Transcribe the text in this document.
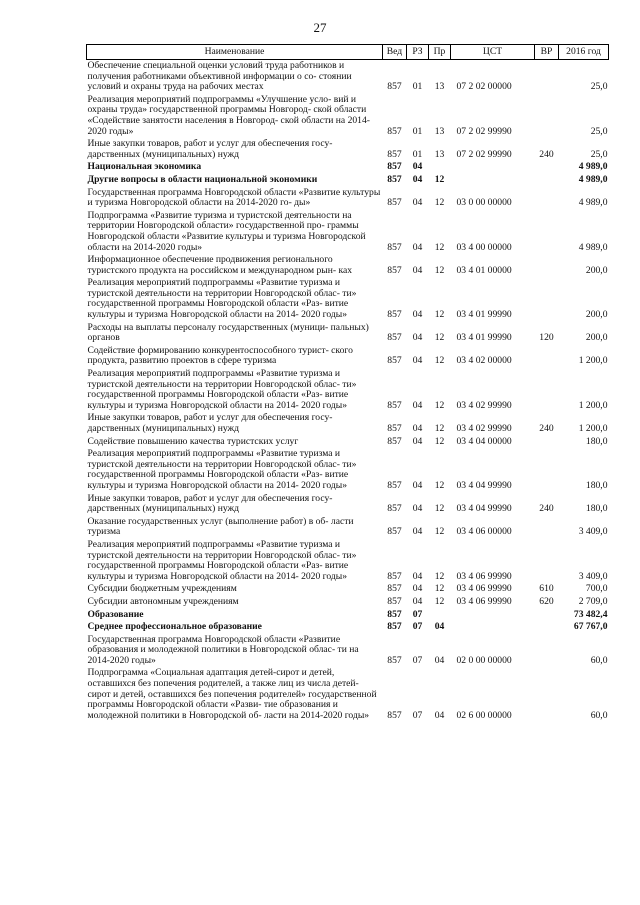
27
Наименование	Вед	РЗ	Пр	ЦСТ	ВР	2016 год
Обеспечение специальной оценки условий труда работников и получения работниками объективной информации о со- стоянии условий и охраны труда на рабочих местах	857	01	13	07 2 02 00000		25,0
Реализация мероприятий подпрограммы «Улучшение усло- вий и охраны труда» государственной программы Новгород- ской области «Содействие занятости населения в Новгород- ской области на 2014-2020 годы»	857	01	13	07 2 02 99990		25,0
Иные закупки товаров, работ и услуг для обеспечения госу- дарственных (муниципальных) нужд	857	01	13	07 2 02 99990	240	25,0
Национальная экономика	857	04				4 989,0
Другие вопросы в области национальной экономики	857	04	12			4 989,0
Государственная программа Новгородской области «Развитие культуры и туризма Новгородской области на 2014-2020 го- ды»	857	04	12	03 0 00 00000		4 989,0
Подпрограмма «Развитие туризма и туристской деятельности на территории Новгородской области» государственной про- граммы Новгородской области «Развитие культуры и туризма Новгородской области на 2014-2020 годы»	857	04	12	03 4 00 00000		4 989,0
Информационное обеспечение продвижения регионального туристского продукта на российском и международном рын- ках	857	04	12	03 4 01 00000		200,0
Реализация мероприятий подпрограммы «Развитие туризма и туристской деятельности на территории Новгородской облас- ти» государственной программы Новгородской области «Раз- витие культуры и туризма Новгородской области на 2014- 2020 годы»	857	04	12	03 4 01 99990		200,0
Расходы на выплаты персоналу государственных (муници- пальных) органов	857	04	12	03 4 01 99990	120	200,0
Содействие формированию конкурентоспособного турист- ского продукта, развитию проектов в сфере туризма	857	04	12	03 4 02 00000		1 200,0
Реализация мероприятий подпрограммы «Развитие туризма и туристской деятельности на территории Новгородской облас- ти» государственной программы Новгородской области «Раз- витие культуры и туризма Новгородской области на 2014- 2020 годы»	857	04	12	03 4 02 99990		1 200,0
Иные закупки товаров, работ и услуг для обеспечения госу- дарственных (муниципальных) нужд	857	04	12	03 4 02 99990	240	1 200,0
Содействие повышению качества туристских услуг	857	04	12	03 4 04 00000		180,0
Реализация мероприятий подпрограммы «Развитие туризма и туристской деятельности на территории Новгородской облас- ти» государственной программы Новгородской области «Раз- витие культуры и туризма Новгородской области на 2014- 2020 годы»	857	04	12	03 4 04 99990		180,0
Иные закупки товаров, работ и услуг для обеспечения госу- дарственных (муниципальных) нужд	857	04	12	03 4 04 99990	240	180,0
Оказание государственных услуг (выполнение работ) в об- ласти туризма	857	04	12	03 4 06 00000		3 409,0
Реализация мероприятий подпрограммы «Развитие туризма и туристской деятельности на территории Новгородской облас- ти» государственной программы Новгородской области «Раз- витие культуры и туризма Новгородской области на 2014- 2020 годы»	857	04	12	03 4 06 99990		3 409,0
Субсидии бюджетным учреждениям	857	04	12	03 4 06 99990	610	700,0
Субсидии автономным учреждениям	857	04	12	03 4 06 99990	620	2 709,0
Образование	857	07				73 482,4
Среднее профессиональное образование	857	07	04			67 767,0
Государственная программа Новгородской области «Развитие образования и молодежной политики в Новгородской облас- ти на 2014-2020 годы»	857	07	04	02 0 00 00000		60,0
Подпрограмма «Социальная адаптация детей-сирот и детей, оставшихся без попечения родителей, а также лиц из числа детей-сирот и детей, оставшихся без попечения родителей» государственной программы Новгородской области «Разви- тие образования и молодежной политики в Новгородской об- ласти на 2014-2020 годы»	857	07	04	02 6 00 00000		60,0
